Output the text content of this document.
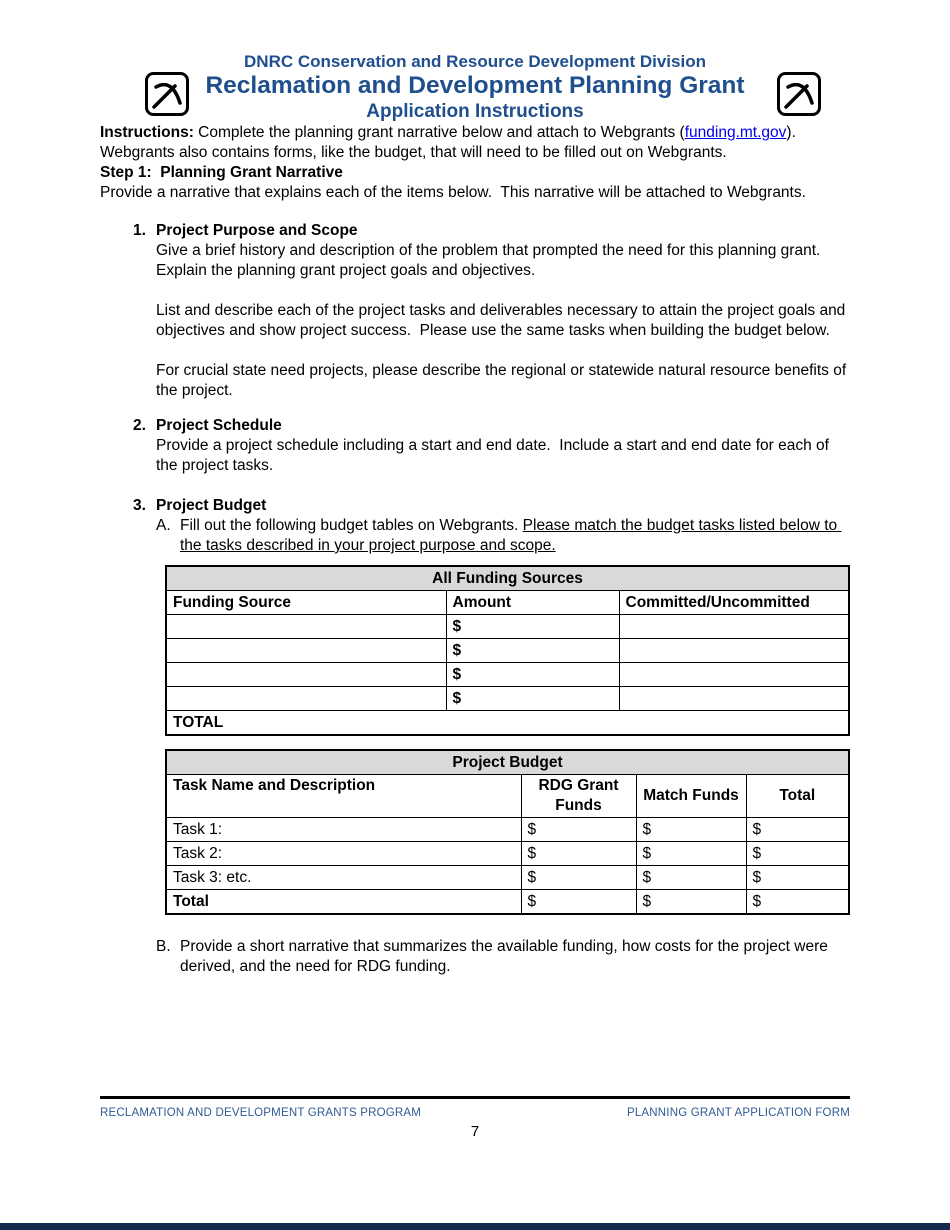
DNRC Conservation and Resource Development Division
Reclamation and Development Planning Grant
Application Instructions

Instructions: Complete the planning grant narrative below and attach to Webgrants (funding.mt.gov).  Webgrants also contains forms, like the budget, that will need to be filled out on Webgrants.

Step 1:  Planning Grant Narrative

Provide a narrative that explains each of the items below.  This narrative will be attached to Webgrants.

1. Project Purpose and Scope

Give a brief history and description of the problem that prompted the need for this planning grant. Explain the planning grant project goals and objectives.

List and describe each of the project tasks and deliverables necessary to attain the project goals and objectives and show project success.  Please use the same tasks when building the budget below.

For crucial state need projects, please describe the regional or statewide natural resource benefits of the project.

2. Project Schedule

Provide a project schedule including a start and end date.  Include a start and end date for each of the project tasks.

3. Project Budget
A. Fill out the following budget tables on Webgrants. Please match the budget tasks listed below to the tasks described in your project purpose and scope.
All Funding Sources		
Funding Source	Amount	Committed/Uncommitted
	$	
	$	
	$	
	$	
TOTAL		
Project Budget			
Task Name and Description	RDG Grant Funds	Match Funds	Total
Task 1:	$	$	$
Task 2:	$	$	$
Task 3: etc.	$	$	$
Total	$	$	$
B. Provide a short narrative that summarizes the available funding, how costs for the project were derived, and the need for RDG funding.
RECLAMATION AND DEVELOPMENT GRANTS PROGRAM	PLANNING GRANT APPLICATION FORM
7
